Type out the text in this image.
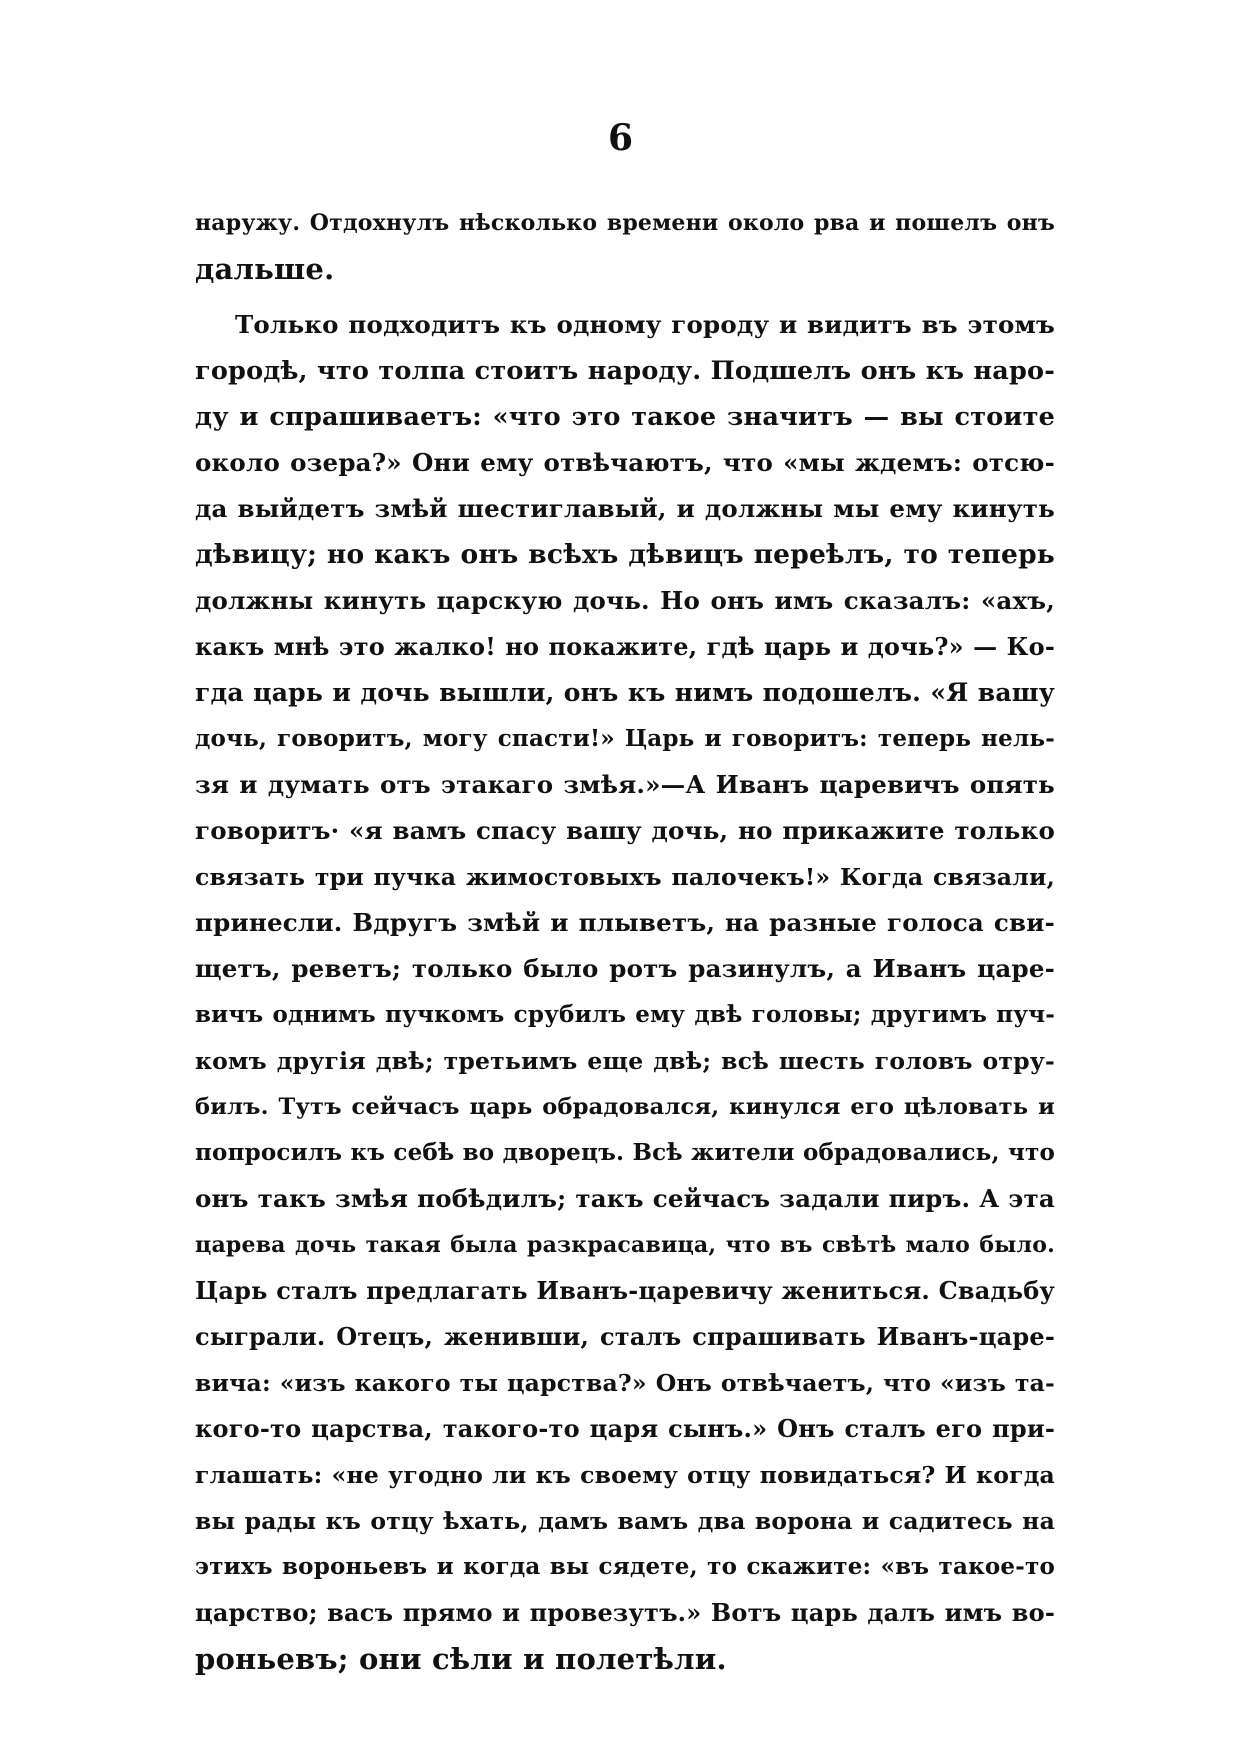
6
наружу. Отдохнулъ нѣсколько времени около рва и пошелъ онъ
дальше.
Только подходитъ къ одному городу и видитъ въ этомъ
городѣ, что толпа стоитъ народу. Подшелъ онъ къ наро-
ду и спрашиваетъ: «что это такое значитъ — вы стоите
около озера?» Они ему отвѣчаютъ, что «мы ждемъ: отсю-
да выйдетъ змѣй шестиглавый, и должны мы ему кинуть
дѣвицу; но какъ онъ всѣхъ дѣвицъ переѣлъ, то теперь
должны кинуть царскую дочь. Но онъ имъ сказалъ: «ахъ,
какъ мнѣ это жалко! но покажите, гдѣ царь и дочь?» — Ко-
гда царь и дочь вышли, онъ къ нимъ подошелъ. «Я вашу
дочь, говоритъ, могу спасти!» Царь и говоритъ: теперь нель-
зя и думать отъ этакаго змѣя.»—А Иванъ царевичъ опять
говоритъ· «я вамъ спасу вашу дочь, но прикажите только
связать три пучка жимостовыхъ палочекъ!» Когда связали,
принесли. Вдругъ змѣй и плыветъ, на разные голоса сви-
щетъ, реветъ; только было ротъ разинулъ, а Иванъ царе-
вичъ однимъ пучкомъ срубилъ ему двѣ головы; другимъ пуч-
комъ другія двѣ; третьимъ еще двѣ; всѣ шесть головъ отру-
билъ. Тутъ сейчасъ царь обрадовался, кинулся его цѣловать и
попросилъ къ себѣ во дворецъ. Всѣ жители обрадовались, что
онъ такъ змѣя побѣдилъ; такъ сейчасъ задали пиръ. А эта
царева дочь такая была разкрасавица, что въ свѣтѣ мало было.
Царь сталъ предлагать Иванъ-царевичу жениться. Свадьбу
сыграли. Отецъ, женивши, сталъ спрашивать Иванъ-царе-
вича: «изъ какого ты царства?» Онъ отвѣчаетъ, что «изъ та-
кого-то царства, такого-то царя сынъ.» Онъ сталъ его при-
глашать: «не угодно ли къ своему отцу повидаться? И когда
вы рады къ отцу ѣхать, дамъ вамъ два ворона и садитесь на
этихъ вороньевъ и когда вы сядете, то скажите: «въ такое-то
царство; васъ прямо и провезутъ.» Вотъ царь далъ имъ во-
роньевъ; они сѣли и полетѣли.
